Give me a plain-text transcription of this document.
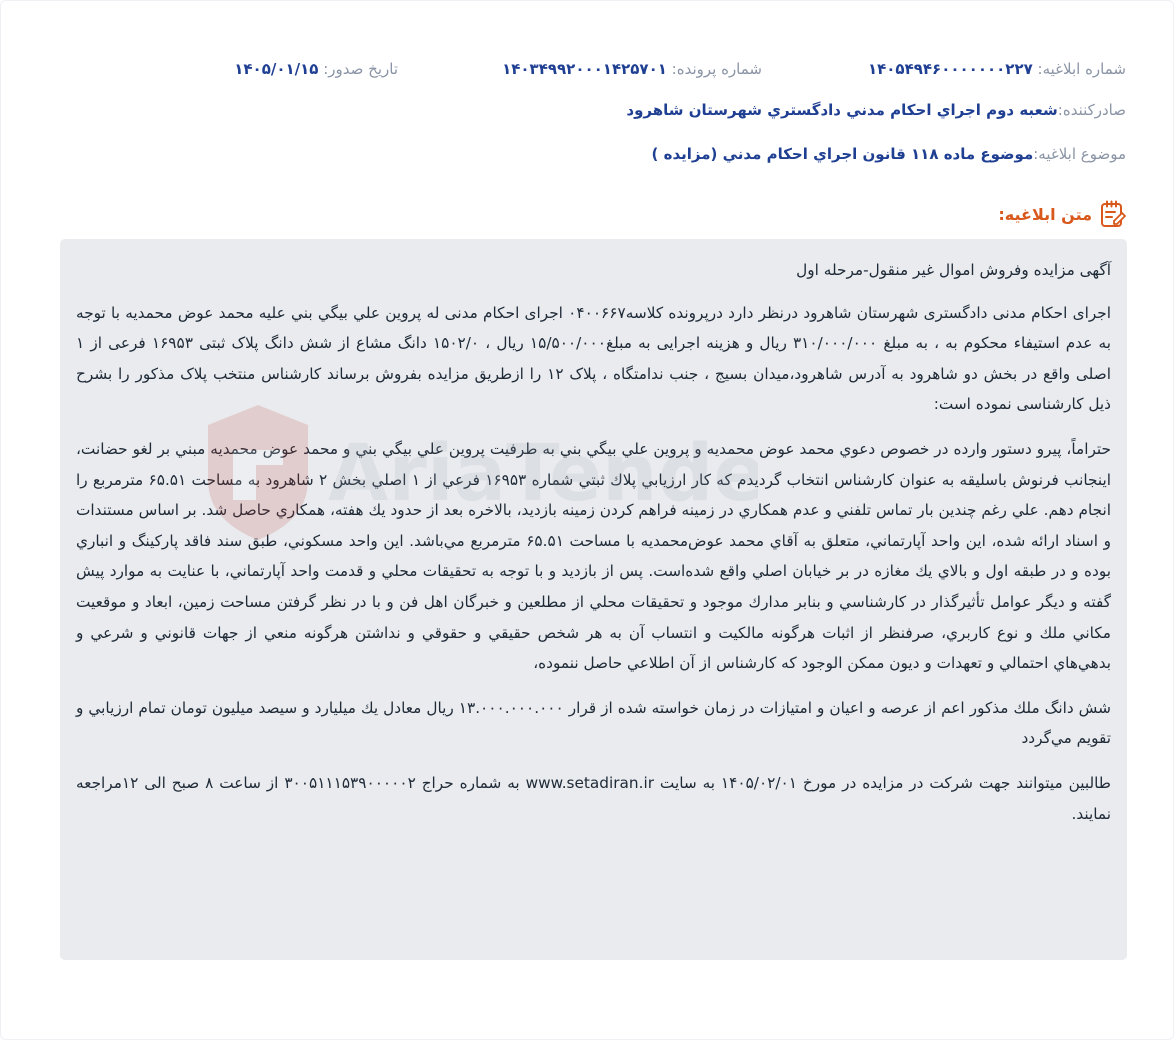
شماره ابلاغیه: ۱۴۰۵۴۹۴۶۰۰۰۰۰۰۰۲۲۷
شماره پرونده: ۱۴۰۳۴۹۹۲۰۰۰۱۴۲۵۷۰۱
تاریخ صدور: ۱۴۰۵/۰۱/۱۵
صادرکننده:
شعبه دوم اجراي احكام مدني دادگستري شهرستان شاهرود
موضوع ابلاغیه:
موضوع ماده ۱۱۸ قانون اجراي احكام مدني (مزايده )
متن ابلاغیه:

آگهی مزایده وفروش اموال غیر منقول-مرحله اول

اجرای احکام مدنی دادگستری شهرستان شاهرود درنظر دارد درپرونده کلاسه۰۴۰۰۶۶۷ اجرای احکام مدنی له پروین علي بيگي بني علیه محمد عوض محمدیه با توجه به عدم استیفاء محکوم به ، به مبلغ ۳۱۰/۰۰۰/۰۰۰ ریال و هزینه اجرایی به مبلغ۱۵/۵۰۰/۰۰۰ ریال ، ۱۵۰۲/۰ دانگ مشاع از شش دانگ پلاک ثبتی ۱۶۹۵۳ فرعی از ۱ اصلی واقع در بخش دو شاهرود به آدرس شاهرود،میدان بسیج ، جنب ندامتگاه ، پلاک ۱۲ را ازطریق مزایده بفروش برساند کارشناس منتخب پلاک مذکور را بشرح ذیل کارشناسی نموده است:

حتراماً، پيرو دستور وارده در خصوص دعوي محمد عوض محمديه و پروين علي بيگي بني به طرفيت پروين علي بيگي بني و محمد عوض محمديه مبني بر لغو حضانت، اينجانب فرنوش باسليقه به عنوان كارشناس انتخاب گرديدم كه كار ارزيابي پلاك ثبتي شماره ۱۶۹۵۳ فرعي از ۱ اصلي بخش ۲ شاهرود به مساحت ۶۵.۵۱ مترمربع را انجام دهم. علي رغم چندين بار تماس تلفني و عدم همكاري در زمينه فراهم كردن زمينه بازديد، بالاخره بعد از حدود يك هفته، همكاري حاصل شد. بر اساس مستندات و اسناد ارائه شده، اين واحد آپارتماني، متعلق به آقاي محمد عوض‌محمديه با مساحت ۶۵.۵۱ مترمربع مي‌باشد. اين واحد مسكوني، طبق سند فاقد پاركينگ و انباري بوده و در طبقه اول و بالاي يك مغازه در بر خيابان اصلي واقع شده‌است. پس از بازديد و با توجه به تحقيقات محلي و قدمت واحد آپارتماني، با عنايت به موارد پيش گفته و ديگر عوامل تأثيرگذار در كارشناسي و بنابر مدارك موجود و تحقيقات محلي از مطلعين و خبرگان اهل فن و با در نظر گرفتن مساحت زمين، ابعاد و موقعيت مكاني ملك و نوع كاربري، صرفنظر از اثبات هرگونه مالكيت و انتساب آن به هر شخص حقيقي و حقوقي و نداشتن هرگونه منعي از جهات قانوني و شرعي و بدهي‌هاي احتمالي و تعهدات و ديون ممكن الوجود كه كارشناس از آن اطلاعي حاصل ننموده،

شش دانگ ملك مذكور اعم از عرصه و اعيان و امتيازات در زمان خواسته شده از قرار ۱۳.۰۰۰.۰۰۰.۰۰۰ ريال معادل يك ميليارد و سيصد ميليون تومان تمام ارزيابي و تقويم مي‌گردد

طالبین میتوانند جهت شرکت در مزایده در مورخ ۱۴۰۵/۰۲/۰۱ به سایت www.setadiran.ir به شماره حراج ۳۰۰۵۱۱۱۵۳۹۰۰۰۰۰۲ از ساعت ۸ صبح الی ۱۲مراجعه نمایند.
